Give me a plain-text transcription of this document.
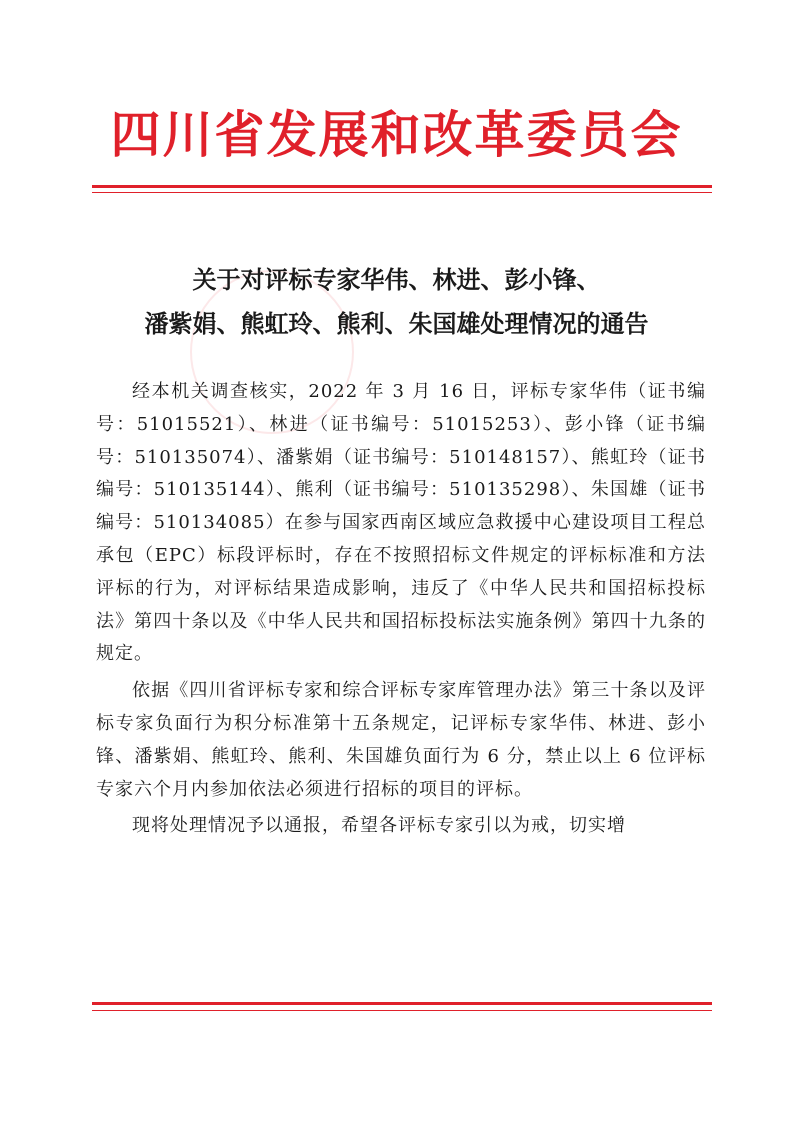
四川省发展和改革委员会
关于对评标专家华伟、林进、彭小锋、
潘紫娟、熊虹玲、熊利、朱国雄处理情况的通告

经本机关调查核实，2022 年 3 月 16 日，评标专家华伟（证书编号：51015521）、林进（证书编号：51015253）、彭小锋（证书编号：510135074）、潘紫娟（证书编号：510148157）、熊虹玲（证书编号：510135144）、熊利（证书编号：510135298）、朱国雄（证书编号：510134085）在参与国家西南区域应急救援中心建设项目工程总承包（EPC）标段评标时，存在不按照招标文件规定的评标标准和方法评标的行为，对评标结果造成影响，违反了《中华人民共和国招标投标法》第四十条以及《中华人民共和国招标投标法实施条例》第四十九条的规定。

依据《四川省评标专家和综合评标专家库管理办法》第三十条以及评标专家负面行为积分标准第十五条规定，记评标专家华伟、林进、彭小锋、潘紫娟、熊虹玲、熊利、朱国雄负面行为 6 分，禁止以上 6 位评标专家六个月内参加依法必须进行招标的项目的评标。

现将处理情况予以通报，希望各评标专家引以为戒，切实增
